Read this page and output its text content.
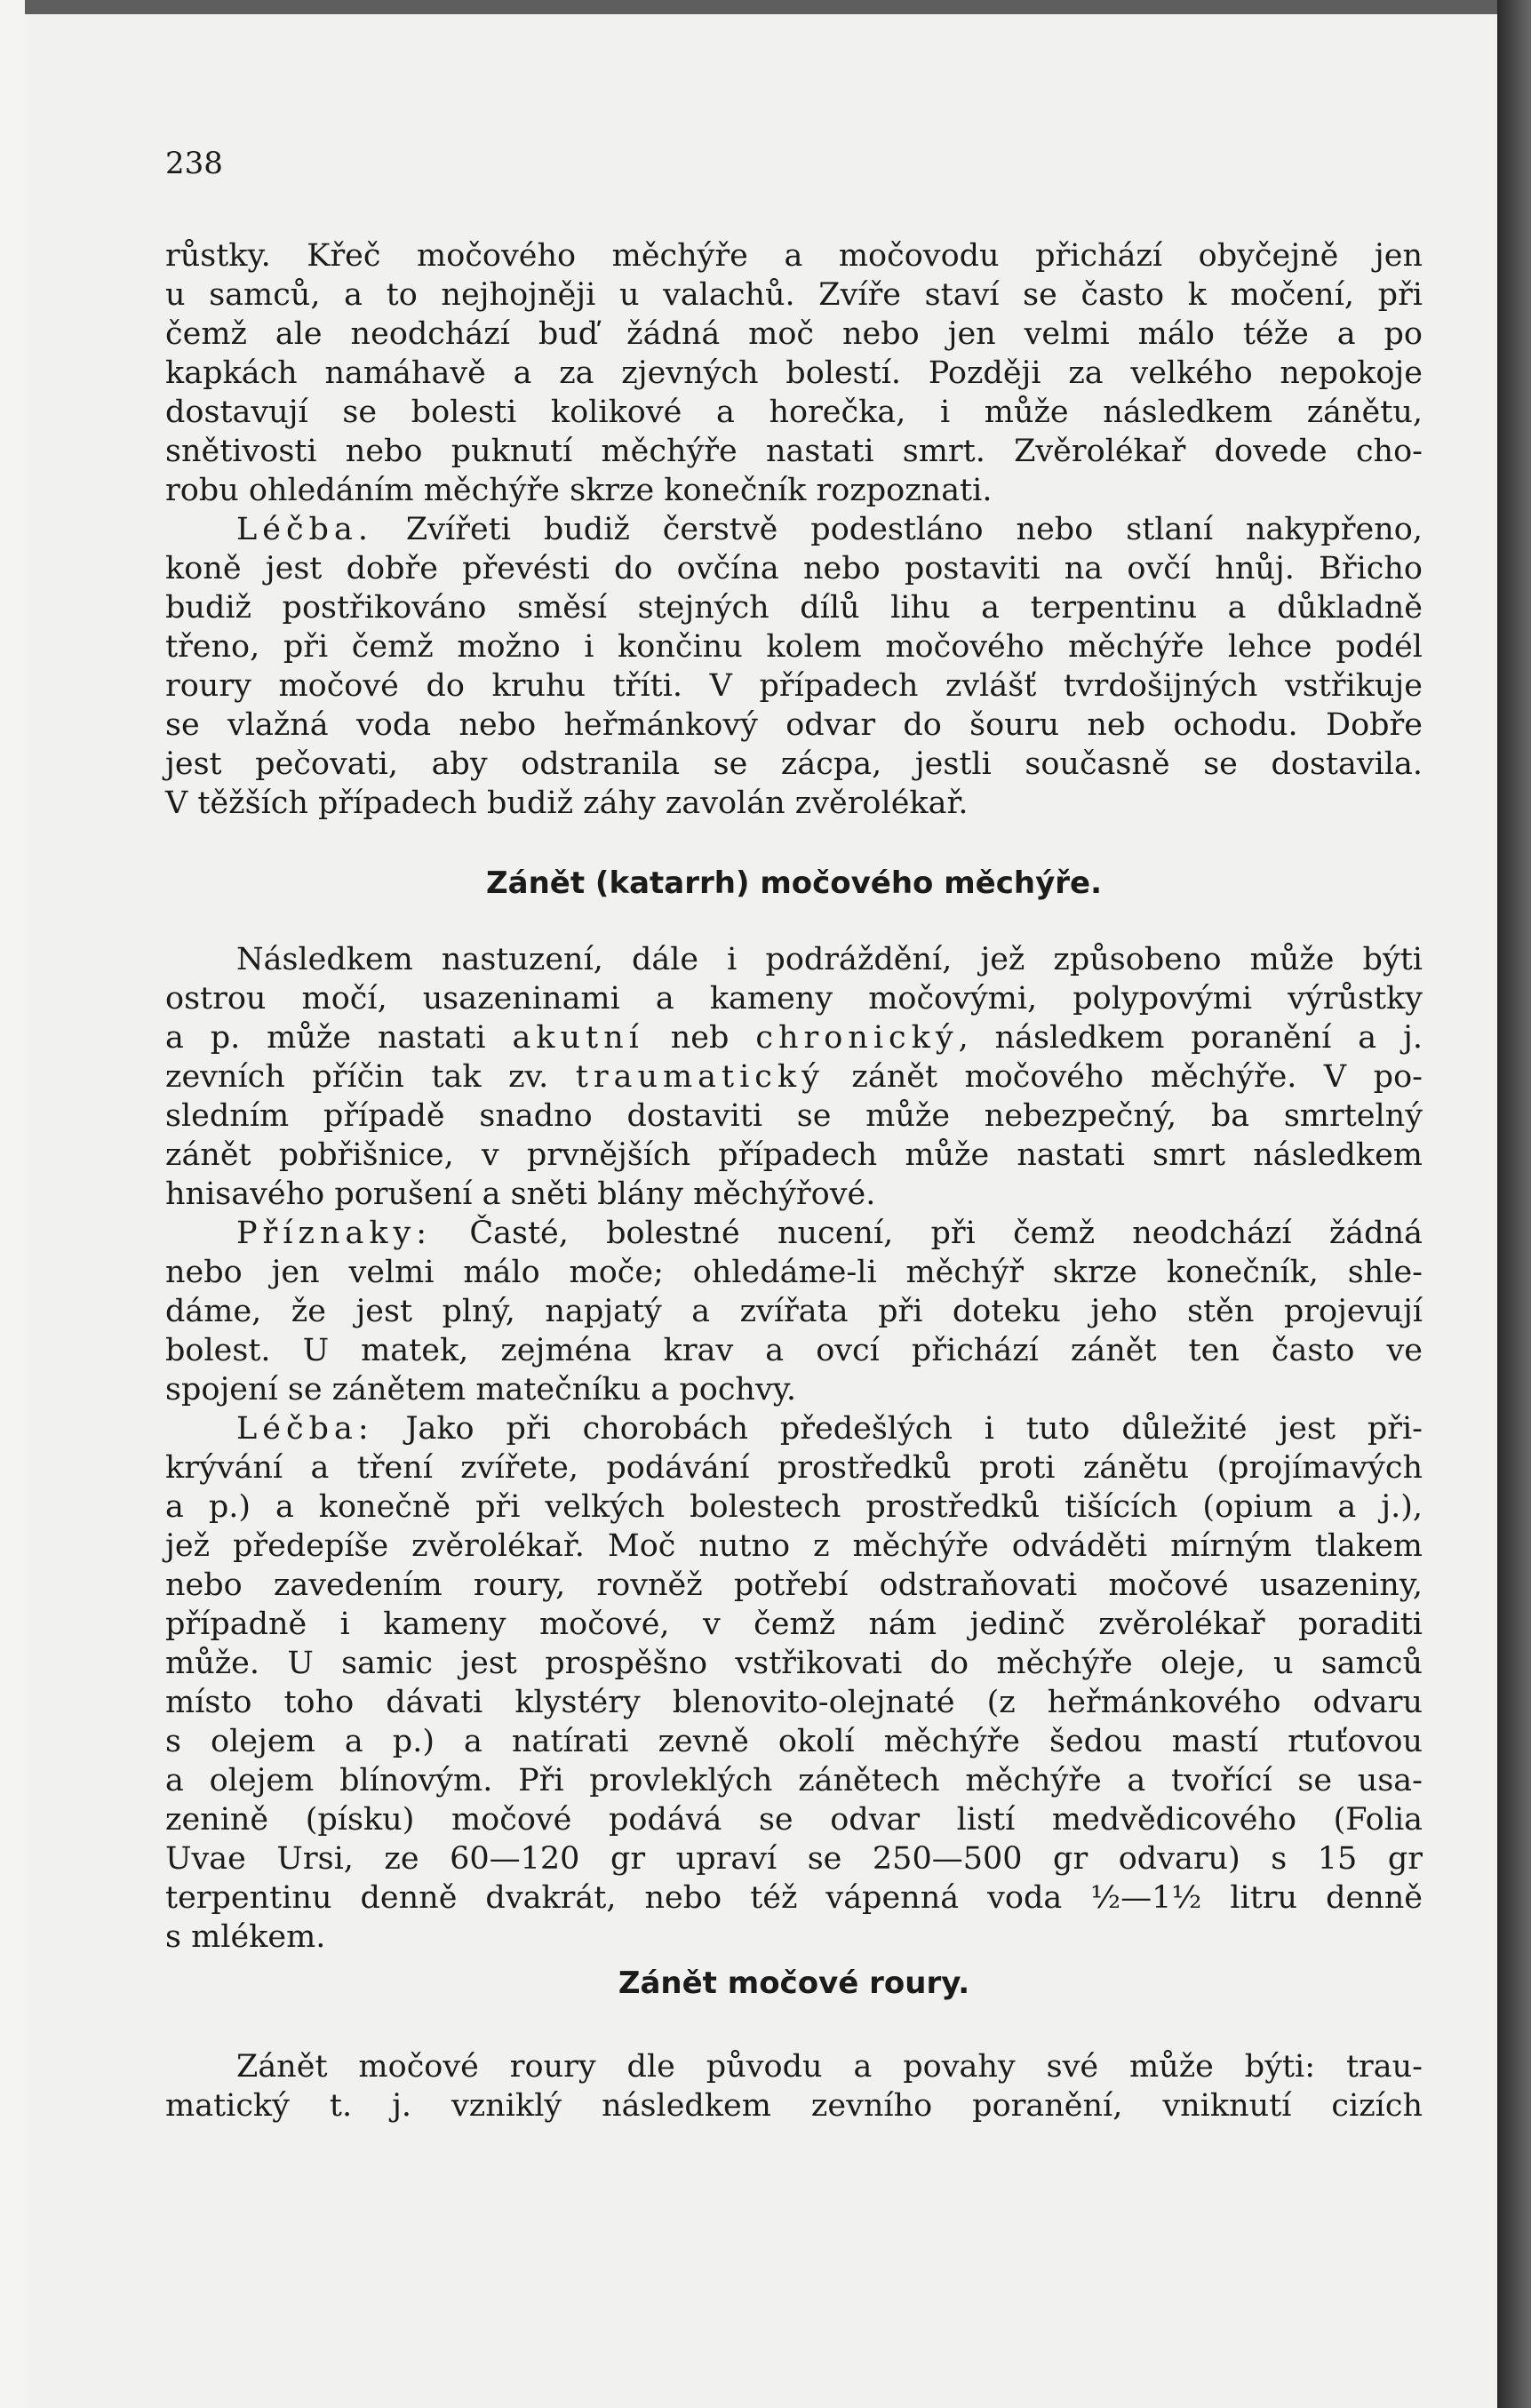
238

růstky. Křeč močového měchýře a močovodu přichází obyčejně jen
u samců, a to nejhojněji u valachů. Zvíře staví se často k močení, při
čemž ale neodchází buď žádná moč nebo jen velmi málo téže a po
kapkách namáhavě a za zjevných bolestí. Později za velkého nepokoje
dostavují se bolesti kolikové a horečka, i může následkem zánětu,
snětivosti nebo puknutí měchýře nastati smrt. Zvěrolékař dovede cho-
robu ohledáním měchýře skrze konečník rozpoznati.
Léčba. Zvířeti budiž čerstvě podestláno nebo stlaní nakypřeno,
koně jest dobře převésti do ovčína nebo postaviti na ovčí hnůj. Břicho
budiž postřikováno směsí stejných dílů lihu a terpentinu a důkladně
třeno, při čemž možno i končinu kolem močového měchýře lehce podél
roury močové do kruhu tříti. V případech zvlášť tvrdošijných vstřikuje
se vlažná voda nebo heřmánkový odvar do šouru neb ochodu. Dobře
jest pečovati, aby odstranila se zácpa, jestli současně se dostavila.
V těžších případech budiž záhy zavolán zvěrolékař.
Zánět (katarrh) močového měchýře.
Následkem nastuzení, dále i podráždění, jež způsobeno může býti
ostrou močí, usazeninami a kameny močovými, polypovými výrůstky
a p. může nastati akutní neb chronický, následkem poranění a j.
zevních příčin tak zv. traumatický zánět močového měchýře. V po-
sledním případě snadno dostaviti se může nebezpečný, ba smrtelný
zánět pobřišnice, v prvnějších případech může nastati smrt následkem
hnisavého porušení a sněti blány měchýřové.
Příznaky: Časté, bolestné nucení, při čemž neodchází žádná
nebo jen velmi málo moče; ohledáme-li měchýř skrze konečník, shle-
dáme, že jest plný, napjatý a zvířata při doteku jeho stěn projevují
bolest. U matek, zejména krav a ovcí přichází zánět ten často ve
spojení se zánětem matečníku a pochvy.
Léčba: Jako při chorobách předešlých i tuto důležité jest při-
krývání a tření zvířete, podávání prostředků proti zánětu (projímavých
a p.) a konečně při velkých bolestech prostředků tišících (opium a j.),
jež předepíše zvěrolékař. Moč nutno z měchýře odváděti mírným tlakem
nebo zavedením roury, rovněž potřebí odstraňovati močové usazeniny,
případně i kameny močové, v čemž nám jedinč zvěrolékař poraditi
může. U samic jest prospěšno vstřikovati do měchýře oleje, u samců
místo toho dávati klystéry blenovito-olejnaté (z heřmánkového odvaru
s olejem a p.) a natírati zevně okolí měchýře šedou mastí rtuťovou
a olejem blínovým. Při provleklých zánětech měchýře a tvořící se usa-
zenině (písku) močové podává se odvar listí medvědicového (Folia
Uvae Ursi, ze 60—120 gr upraví se 250—500 gr odvaru) s 15 gr
terpentinu denně dvakrát, nebo též vápenná voda ½—1½ litru denně
s mlékem.
Zánět močové roury.
Zánět močové roury dle původu a povahy své může býti: trau-
matický t. j. vzniklý následkem zevního poranění, vniknutí cizích
